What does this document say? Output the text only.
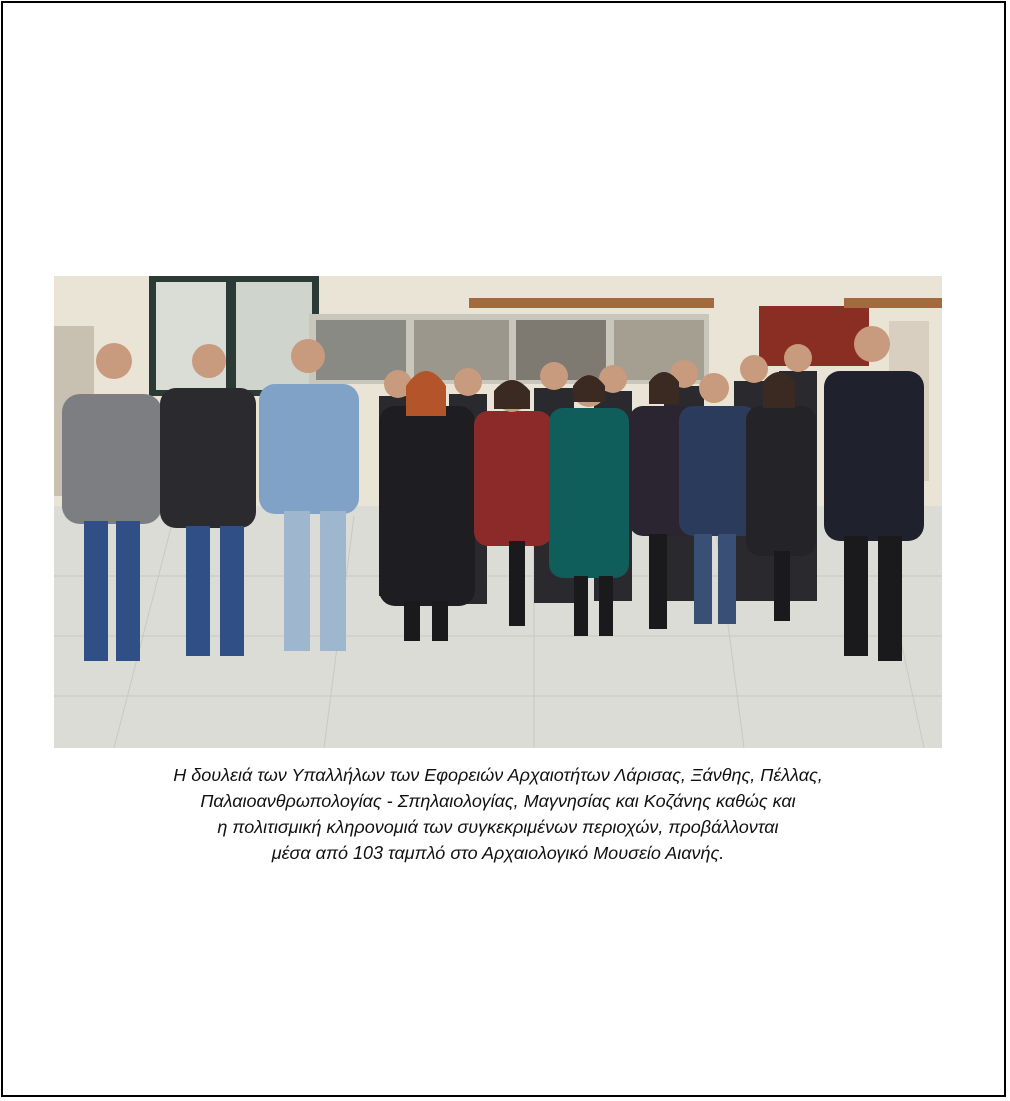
Η δουλειά των Υπαλλήλων των Εφορειών Αρχαιοτήτων Λάρισας, Ξάνθης, Πέλλας,
Παλαιοανθρωπολογίας - Σπηλαιολογίας, Μαγνησίας και Κοζάνης καθώς και
η πολιτισμική κληρονομιά των συγκεκριμένων περιοχών, προβάλλονται
μέσα από 103 ταμπλό στο Αρχαιολογικό Μουσείο Αιανής.
